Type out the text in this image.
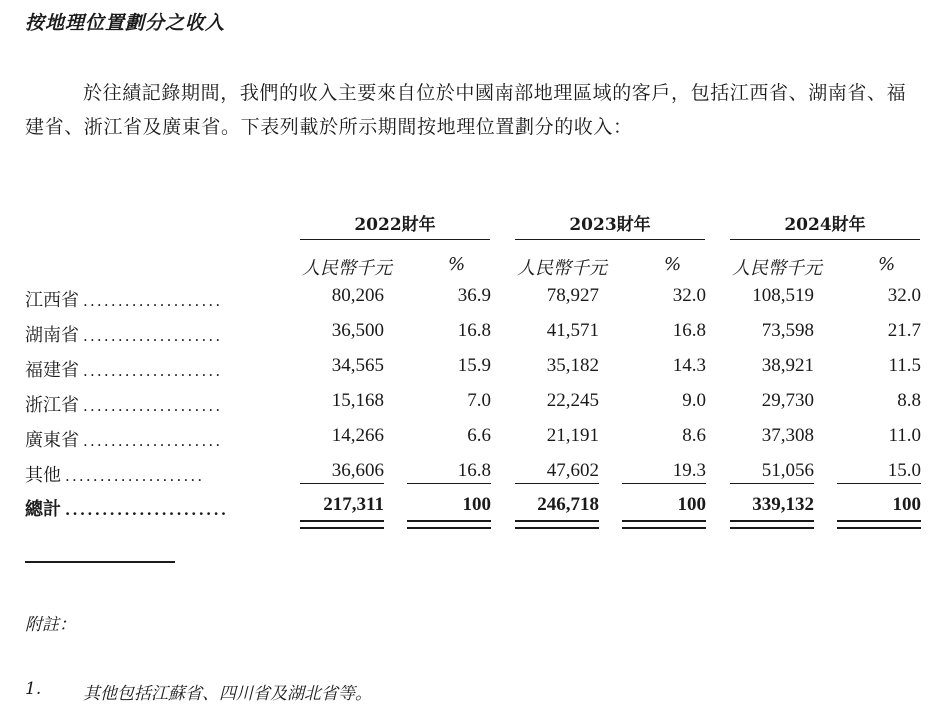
按地理位置劃分之收入
於往績記錄期間，我們的收入主要來自位於中國南部地理區域的客戶，包括江西省、湖南省、福建省、浙江省及廣東省。下表列載於所示期間按地理位置劃分的收入：
2022財年	2023財年	2024財年
人民幣千元	%	人民幣千元	%	人民幣千元	%
江西省 ....................	80,206	36.9	78,927	32.0	108,519	32.0
湖南省 ....................	36,500	16.8	41,571	16.8	73,598	21.7
福建省 ....................	34,565	15.9	35,182	14.3	38,921	11.5
浙江省 ....................	15,168	7.0	22,245	9.0	29,730	8.8
廣東省 ....................	14,266	6.6	21,191	8.6	37,308	11.0
其他 ....................	36,606	16.8	47,602	19.3	51,056	15.0
總計 ......................	217,311	100	246,718	100	339,132	100
附註：
1. 其他包括江蘇省、四川省及湖北省等。
